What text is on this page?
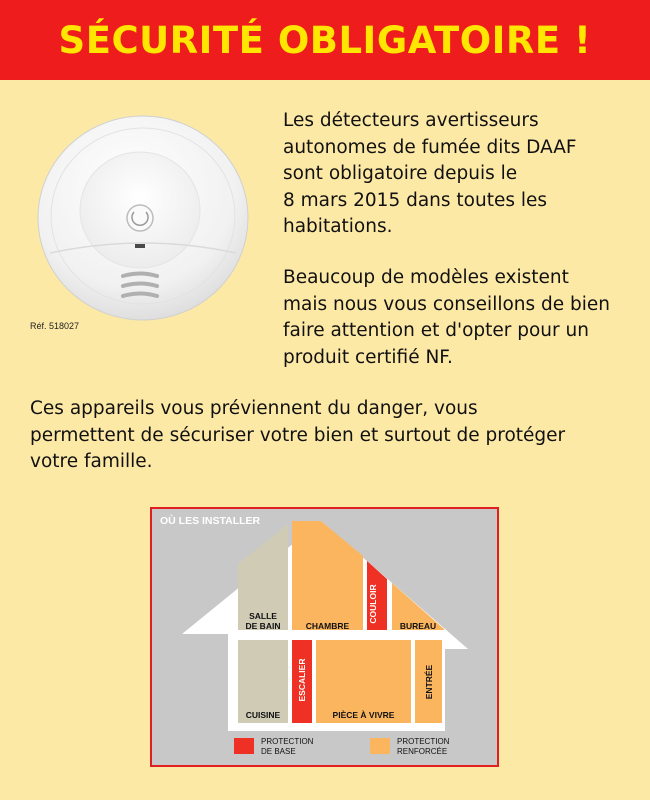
SÉCURITÉ OBLIGATOIRE !
Réf. 518027
Les détecteurs avertisseurs
autonomes de fumée dits DAAF
sont obligatoire depuis le
8 mars 2015 dans toutes les
habitations.
Beaucoup de modèles existent
mais nous vous conseillons de bien
faire attention et d'opter pour un
produit certifié NF.
Ces appareils vous préviennent du danger, vous
permettent de sécuriser votre bien et surtout de protéger
votre famille.
OÙ LES INSTALLER
SALLE
DE BAIN	CHAMBRE
COULOIR
BUREAU
CUISINE
ESCALIER
PIÈCE À VIVRE
ENTRÉE
PROTECTION
DE BASE
PROTECTION
RENFORCÉE
